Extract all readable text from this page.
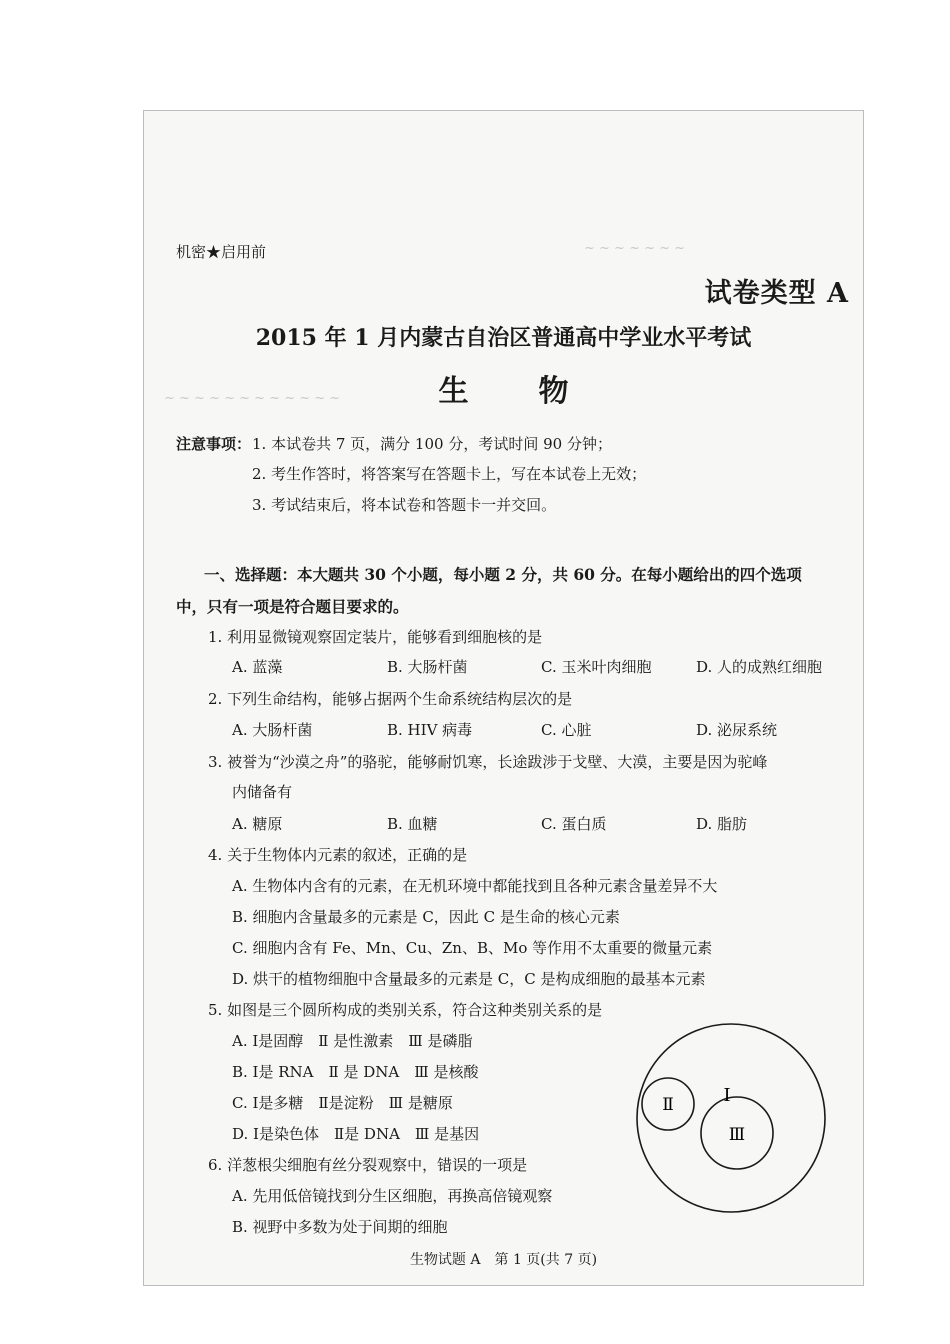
~ ~ ~ ~ ~ ~ ~
~ ~ ~ ~ ~ ~ ~ ~ ~ ~ ~ ~
机密★启用前
试卷类型 A
2015 年 1 月内蒙古自治区普通高中学业水平考试
生物
注意事项： 1. 本试卷共 7 页，满分 100 分，考试时间 90 分钟；
2. 考生作答时，将答案写在答题卡上，写在本试卷上无效；
3. 考试结束后，将本试卷和答题卡一并交回。
一、选择题：本大题共 30 个小题，每小题 2 分，共 60 分。在每小题给出的四个选项
中，只有一项是符合题目要求的。
1. 利用显微镜观察固定装片，能够看到细胞核的是
A. 蓝藻	B. 大肠杆菌	C. 玉米叶肉细胞	D. 人的成熟红细胞
2. 下列生命结构，能够占据两个生命系统结构层次的是
A. 大肠杆菌	B. HIV 病毒	C. 心脏	D. 泌尿系统
3. 被誉为“沙漠之舟”的骆驼，能够耐饥寒，长途跋涉于戈壁、大漠，主要是因为驼峰
内储备有
A. 糖原	B. 血糖	C. 蛋白质	D. 脂肪
4. 关于生物体内元素的叙述，正确的是
A. 生物体内含有的元素，在无机环境中都能找到且各种元素含量差异不大
B. 细胞内含量最多的元素是 C，因此 C 是生命的核心元素
C. 细胞内含有 Fe、Mn、Cu、Zn、B、Mo 等作用不太重要的微量元素
D. 烘干的植物细胞中含量最多的元素是 C，C 是构成细胞的最基本元素
5. 如图是三个圆所构成的类别关系，符合这种类别关系的是
A. Ⅰ是固醇　Ⅱ 是性激素　Ⅲ 是磷脂
B. Ⅰ是 RNA　Ⅱ 是 DNA　Ⅲ 是核酸
C. Ⅰ是多糖　Ⅱ是淀粉　Ⅲ 是糖原
D. Ⅰ是染色体　Ⅱ是 DNA　Ⅲ 是基因
Ⅰ
Ⅱ
Ⅲ
6. 洋葱根尖细胞有丝分裂观察中，错误的一项是
A. 先用低倍镜找到分生区细胞，再换高倍镜观察
B. 视野中多数为处于间期的细胞
生物试题 A　第 1 页(共 7 页)
